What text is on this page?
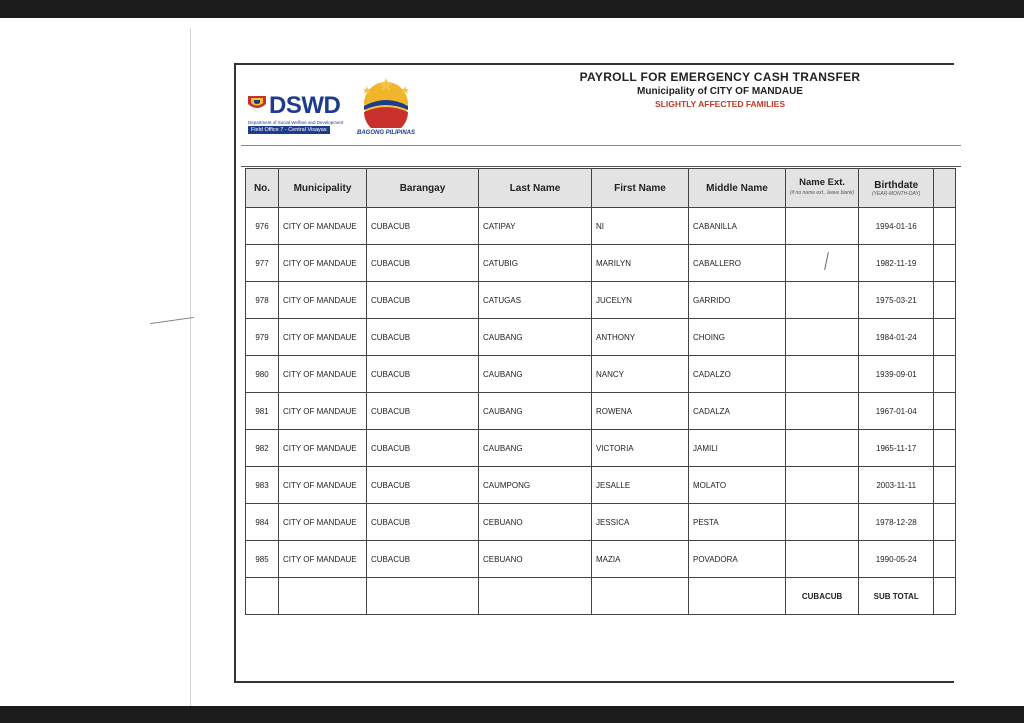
DSWD
Department of Social Welfare and Development
Field Office 7 - Central Visayas	BAGONG PILIPINAS
PAYROLL FOR EMERGENCY CASH TRANSFER
Municipality of CITY OF MANDAUE
SLIGHTLY AFFECTED FAMILIES
No.	Municipality	Barangay	Last Name	First Name	Middle Name	Name Ext.
(if no name ext., leave blank)	Birthdate
(YEAR-MONTH-DAY)	

976	CITY OF MANDAUE	CUBACUB	CATIPAY	NI	CABANILLA		1994-01-16	
977	CITY OF MANDAUE	CUBACUB	CATUBIG	MARILYN	CABALLERO		1982-11-19	
978	CITY OF MANDAUE	CUBACUB	CATUGAS	JUCELYN	GARRIDO		1975-03-21	
979	CITY OF MANDAUE	CUBACUB	CAUBANG	ANTHONY	CHOING		1984-01-24	
980	CITY OF MANDAUE	CUBACUB	CAUBANG	NANCY	CADALZO		1939-09-01	
981	CITY OF MANDAUE	CUBACUB	CAUBANG	ROWENA	CADALZA		1967-01-04	
982	CITY OF MANDAUE	CUBACUB	CAUBANG	VICTORIA	JAMILI		1965-11-17	
983	CITY OF MANDAUE	CUBACUB	CAUMPONG	JESALLE	MOLATO		2003-11-11	
984	CITY OF MANDAUE	CUBACUB	CEBUANO	JESSICA	PESTA		1978-12-28	
985	CITY OF MANDAUE	CUBACUB	CEBUANO	MAZIA	POVADORA		1990-05-24	
						CUBACUB	SUB TOTAL	
